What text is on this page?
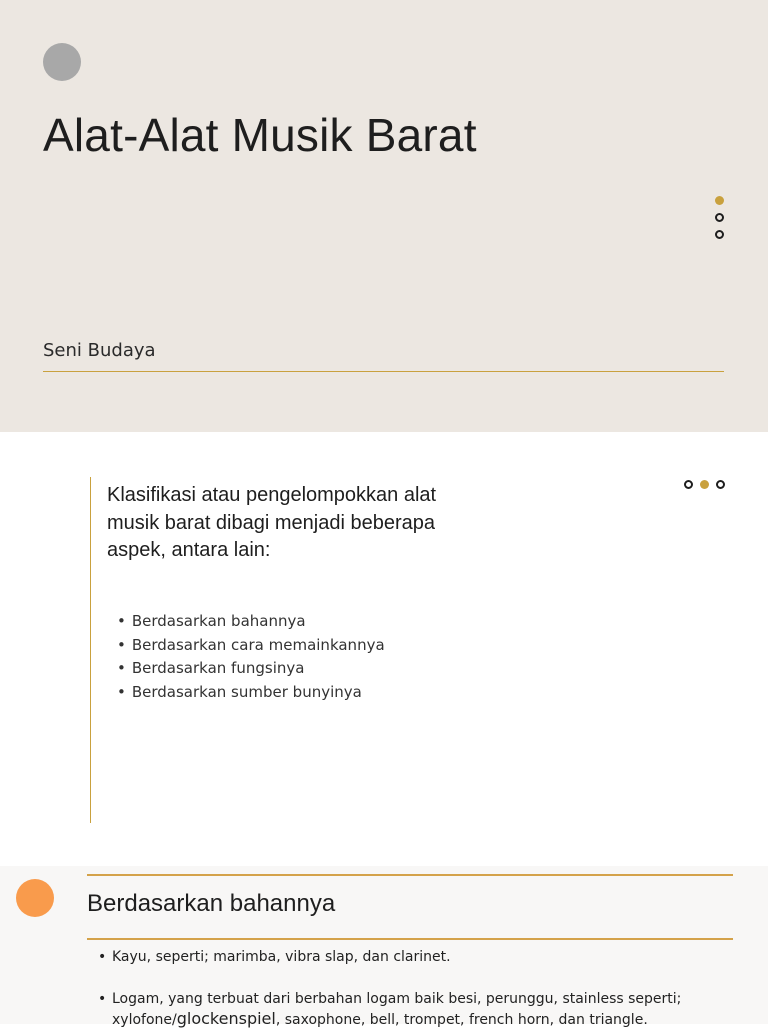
Alat-Alat Musik Barat
Seni Budaya
Klasifikasi atau pengelompokkan alat musik barat dibagi menjadi beberapa aspek, antara lain:
• Berdasarkan bahannya
• Berdasarkan cara memainkannya
• Berdasarkan fungsinya
• Berdasarkan sumber bunyinya
Berdasarkan bahannya
• Kayu, seperti; marimba, vibra slap, dan clarinet.
• Logam, yang terbuat dari berbahan logam baik besi, perunggu, stainless seperti; xylofone/glockenspiel, saxophone, bell, trompet, french horn, dan triangle.
